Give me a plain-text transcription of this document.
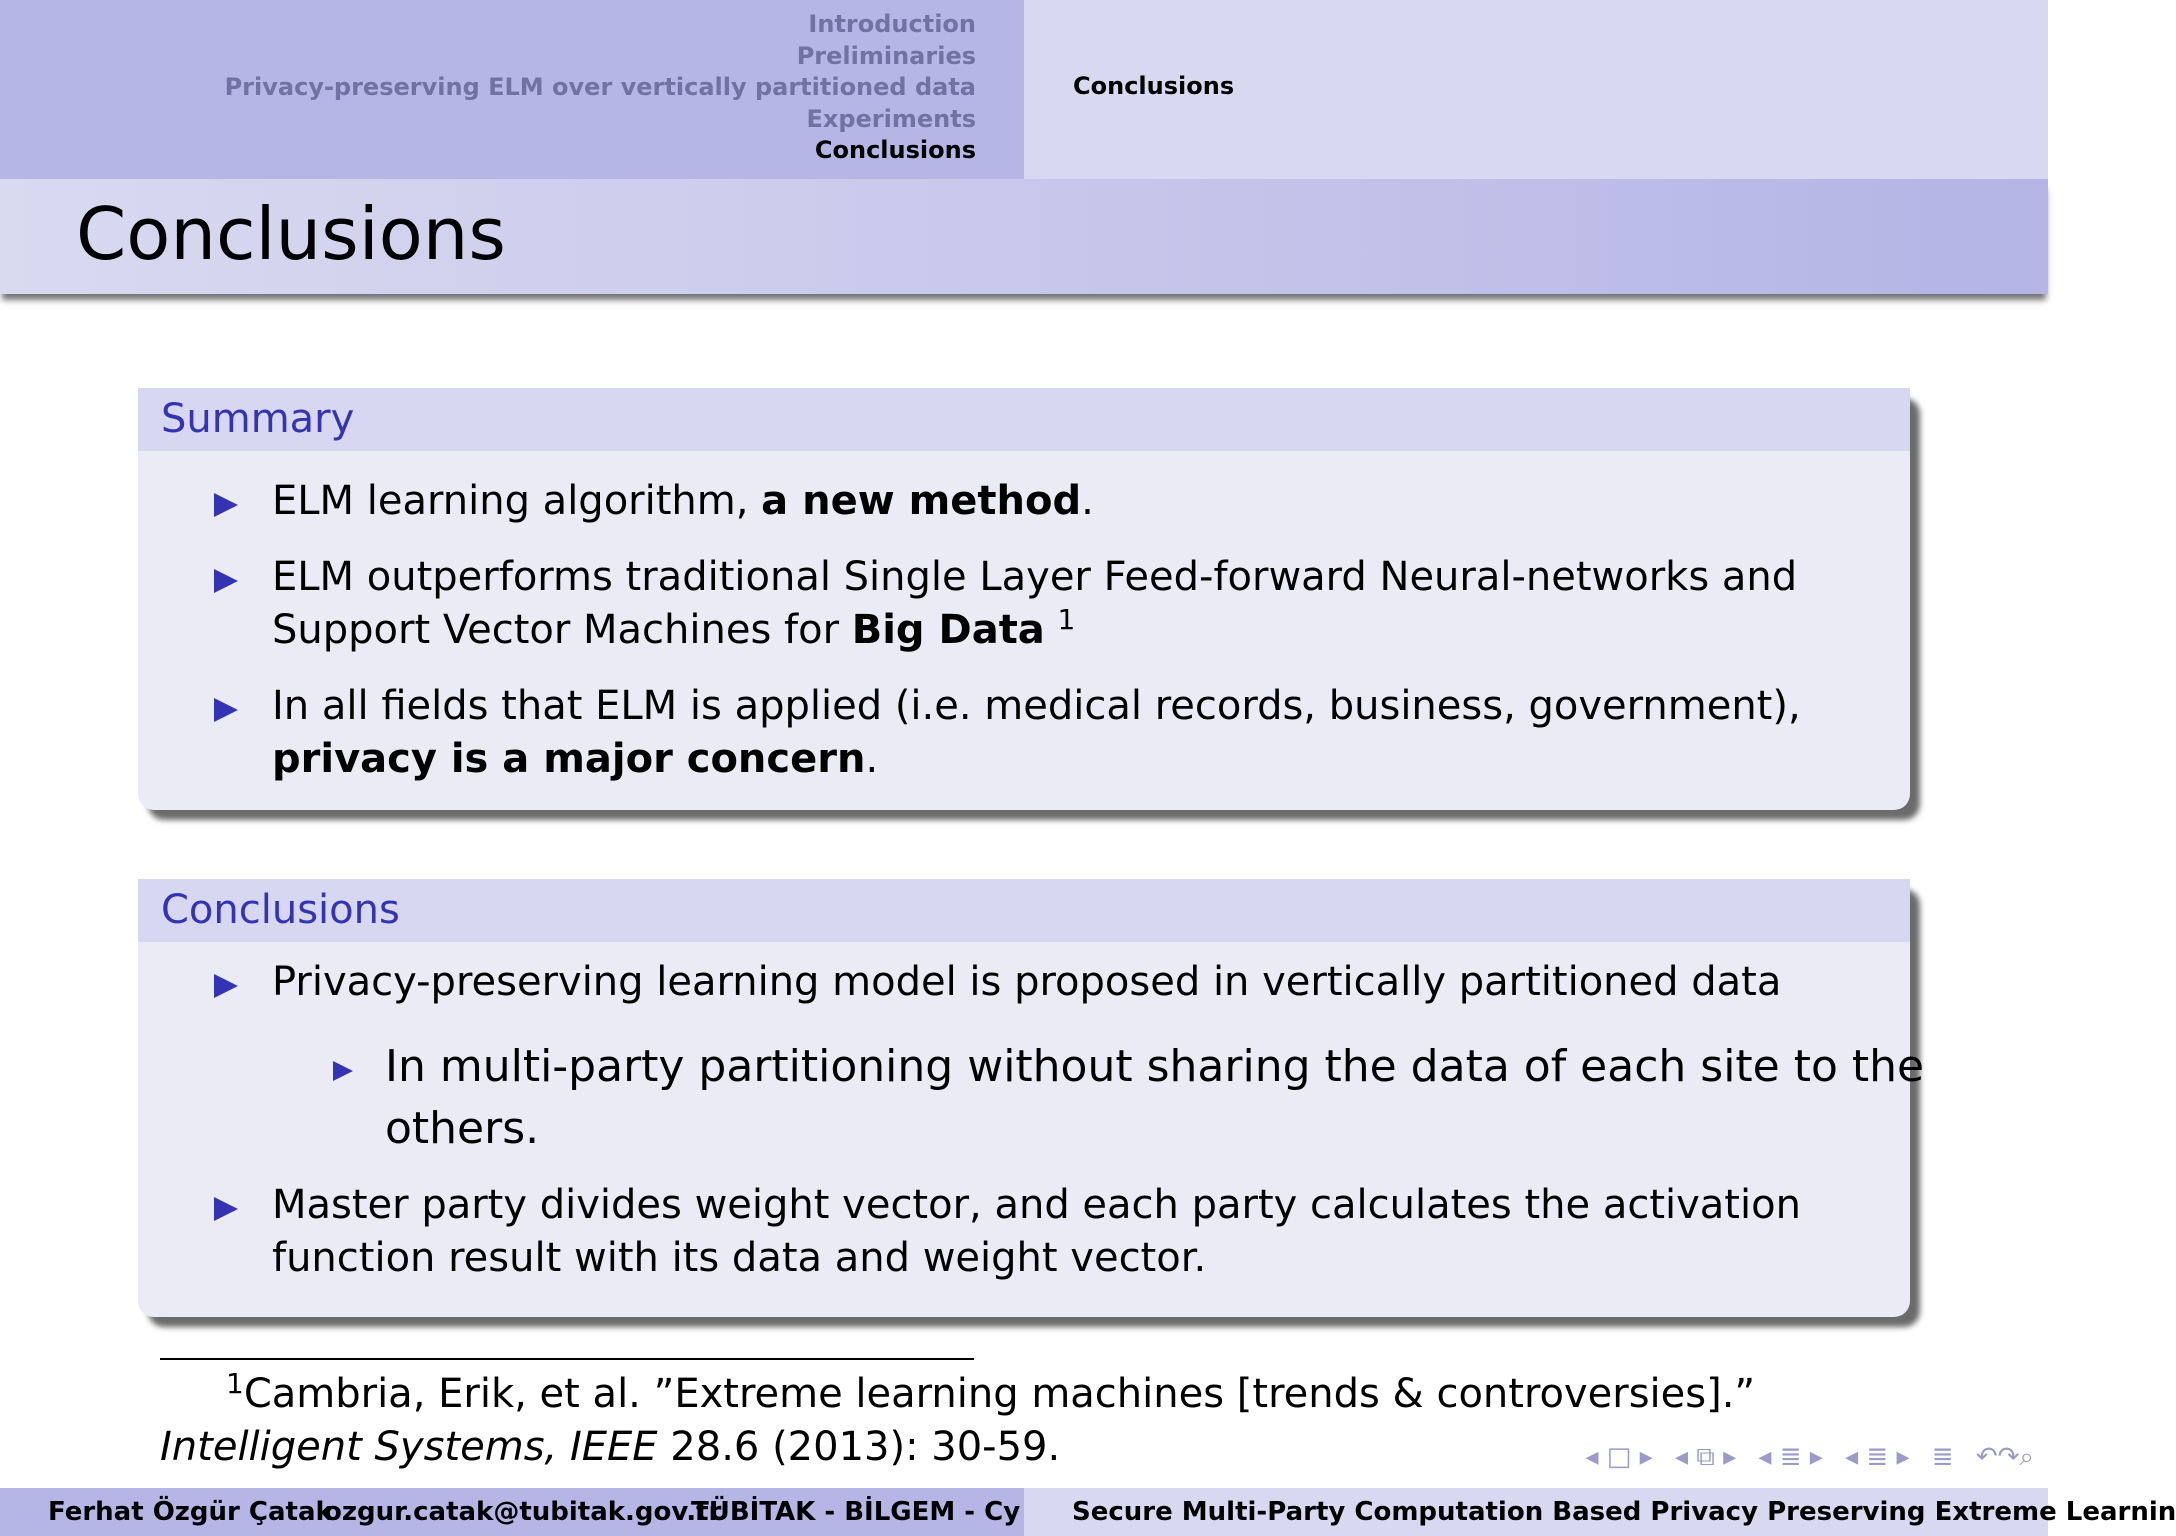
Introduction
Preliminaries
Privacy-preserving ELM over vertically partitioned data
Experiments
Conclusions
Conclusions
Conclusions
Summary
ELM learning algorithm, a new method.
ELM outperforms traditional Single Layer Feed-forward Neural-networks and Support Vector Machines for Big Data $^1$
In all fields that ELM is applied (i.e. medical records, business, government), privacy is a major concern.
Conclusions
Privacy-preserving learning model is proposed in vertically partitioned data
In multi-party partitioning without sharing the data of each site to the others.
Master party divides weight vector, and each party calculates the activation function result with its data and weight vector.
$^1$Cambria, Erik, et al. ”Extreme learning machines [trends & controversies].”
Intelligent Systems, IEEE 28.6 (2013): 30-59.	◂ □ ▸ ◂ ⧉ ▸ ◂ ≣ ▸ ◂ ≣ ▸ ≣ ↶↷⌕
Ferhat Özgür Çatak
ozgur.catak@tubitak.gov.tr
TÜBİTAK - BİLGEM - Cy Secure Multi-Party Computation Based Privacy Preserving Extreme Learnin
